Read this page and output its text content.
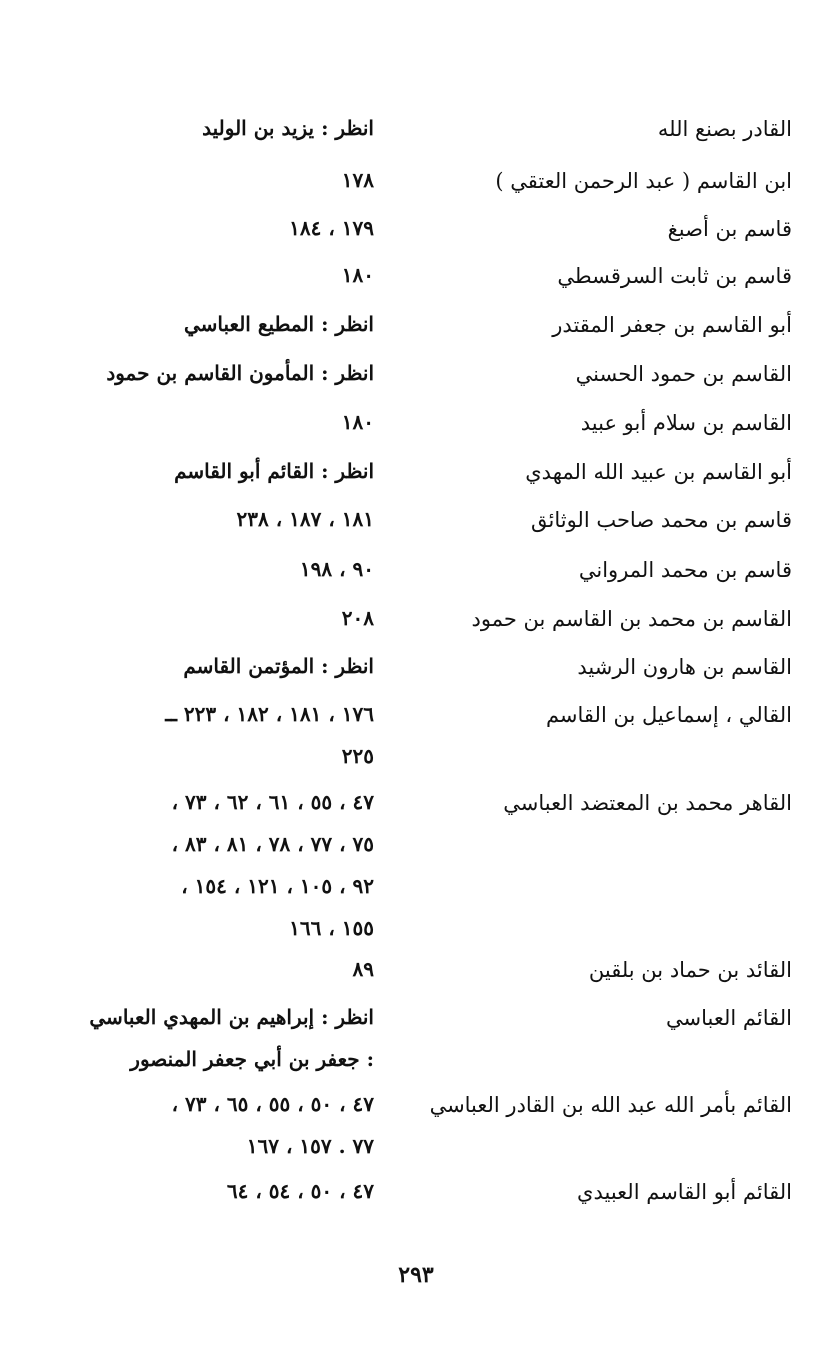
القادر بصنع الله
انظر : يزيد بن الوليد
ابن القاسم ( عبد الرحمن العتقي )
١٧٨
قاسم بن أصبغ
١٧٩ ، ١٨٤
قاسم بن ثابت السرقسطي
١٨٠
أبو القاسم بن جعفر المقتدر
انظر : المطيع العباسي
القاسم بن حمود الحسني
انظر : المأمون القاسم بن حمود
القاسم بن سلام أبو عبيد
١٨٠
أبو القاسم بن عبيد الله المهدي
انظر : القائم أبو القاسم
قاسم بن محمد صاحب الوثائق
١٨١ ، ١٨٧ ، ٢٣٨
قاسم بن محمد المرواني
٩٠ ، ١٩٨
القاسم بن محمد بن القاسم بن حمود
٢٠٨
القاسم بن هارون الرشيد
انظر : المؤتمن القاسم
القالي ، إسماعيل بن القاسم
١٧٦ ، ١٨١ ، ١٨٢ ، ٢٢٣ ــ
٢٢٥
القاهر محمد بن المعتضد العباسي
٤٧ ، ٥٥ ، ٦١ ، ٦٢ ، ٧٣ ،
٧٥ ، ٧٧ ، ٧٨ ، ٨١ ، ٨٣ ،
٩٢ ، ١٠٥ ، ١٢١ ، ١٥٤ ،
١٥٥ ، ١٦٦
القائد بن حماد بن بلقين
٨٩
القائم العباسي
انظر : إبراهيم بن المهدي العباسي
: جعفر بن أبي جعفر المنصور
القائم بأمر الله عبد الله بن القادر العباسي
٤٧ ، ٥٠ ، ٥٥ ، ٦٥ ، ٧٣ ،
٧٧ . ١٥٧ ، ١٦٧
القائم أبو القاسم العبيدي
٤٧ ، ٥٠ ، ٥٤ ، ٦٤
٢٩٣
